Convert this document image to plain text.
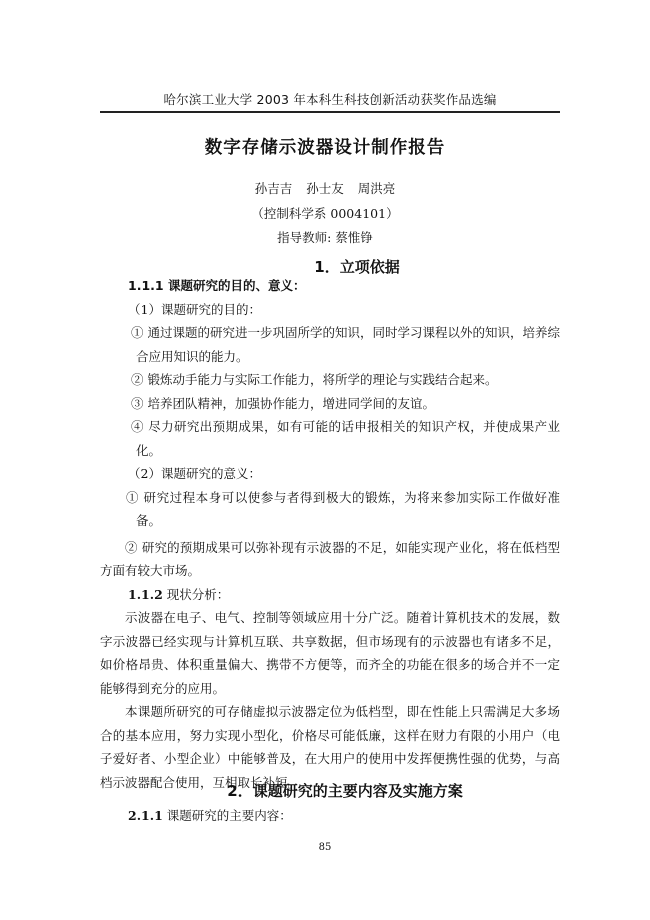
哈尔滨工业大学 2003 年本科生科技创新活动获奖作品选编
数字存储示波器设计制作报告
孙吉吉 孙士友 周洪亮
（控制科学系 0004101）
指导教师: 蔡惟铮
1．立项依据
1.1.1 课题研究的目的、意义：
（1）课题研究的目的：
① 通过课题的研究进一步巩固所学的知识，同时学习课程以外的知识，培养综合应用知识的能力。
② 锻炼动手能力与实际工作能力，将所学的理论与实践结合起来。
③ 培养团队精神，加强协作能力，增进同学间的友谊。
④ 尽力研究出预期成果，如有可能的话申报相关的知识产权，并使成果产业化。
（2）课题研究的意义：
① 研究过程本身可以使参与者得到极大的锻炼，为将来参加实际工作做好准备。
② 研究的预期成果可以弥补现有示波器的不足，如能实现产业化，将在低档型方面有较大市场。
1.1.2 现状分析：
示波器在电子、电气、控制等领域应用十分广泛。随着计算机技术的发展，数字示波器已经实现与计算机互联、共享数据，但市场现有的示波器也有诸多不足，如价格昂贵、体积重量偏大、携带不方便等，而齐全的功能在很多的场合并不一定能够得到充分的应用。
本课题所研究的可存储虚拟示波器定位为低档型，即在性能上只需满足大多场合的基本应用，努力实现小型化，价格尽可能低廉，这样在财力有限的小用户（电子爱好者、小型企业）中能够普及，在大用户的使用中发挥便携性强的优势，与高档示波器配合使用，互相取长补短。
2．课题研究的主要内容及实施方案
2.1.1 课题研究的主要内容：
85
